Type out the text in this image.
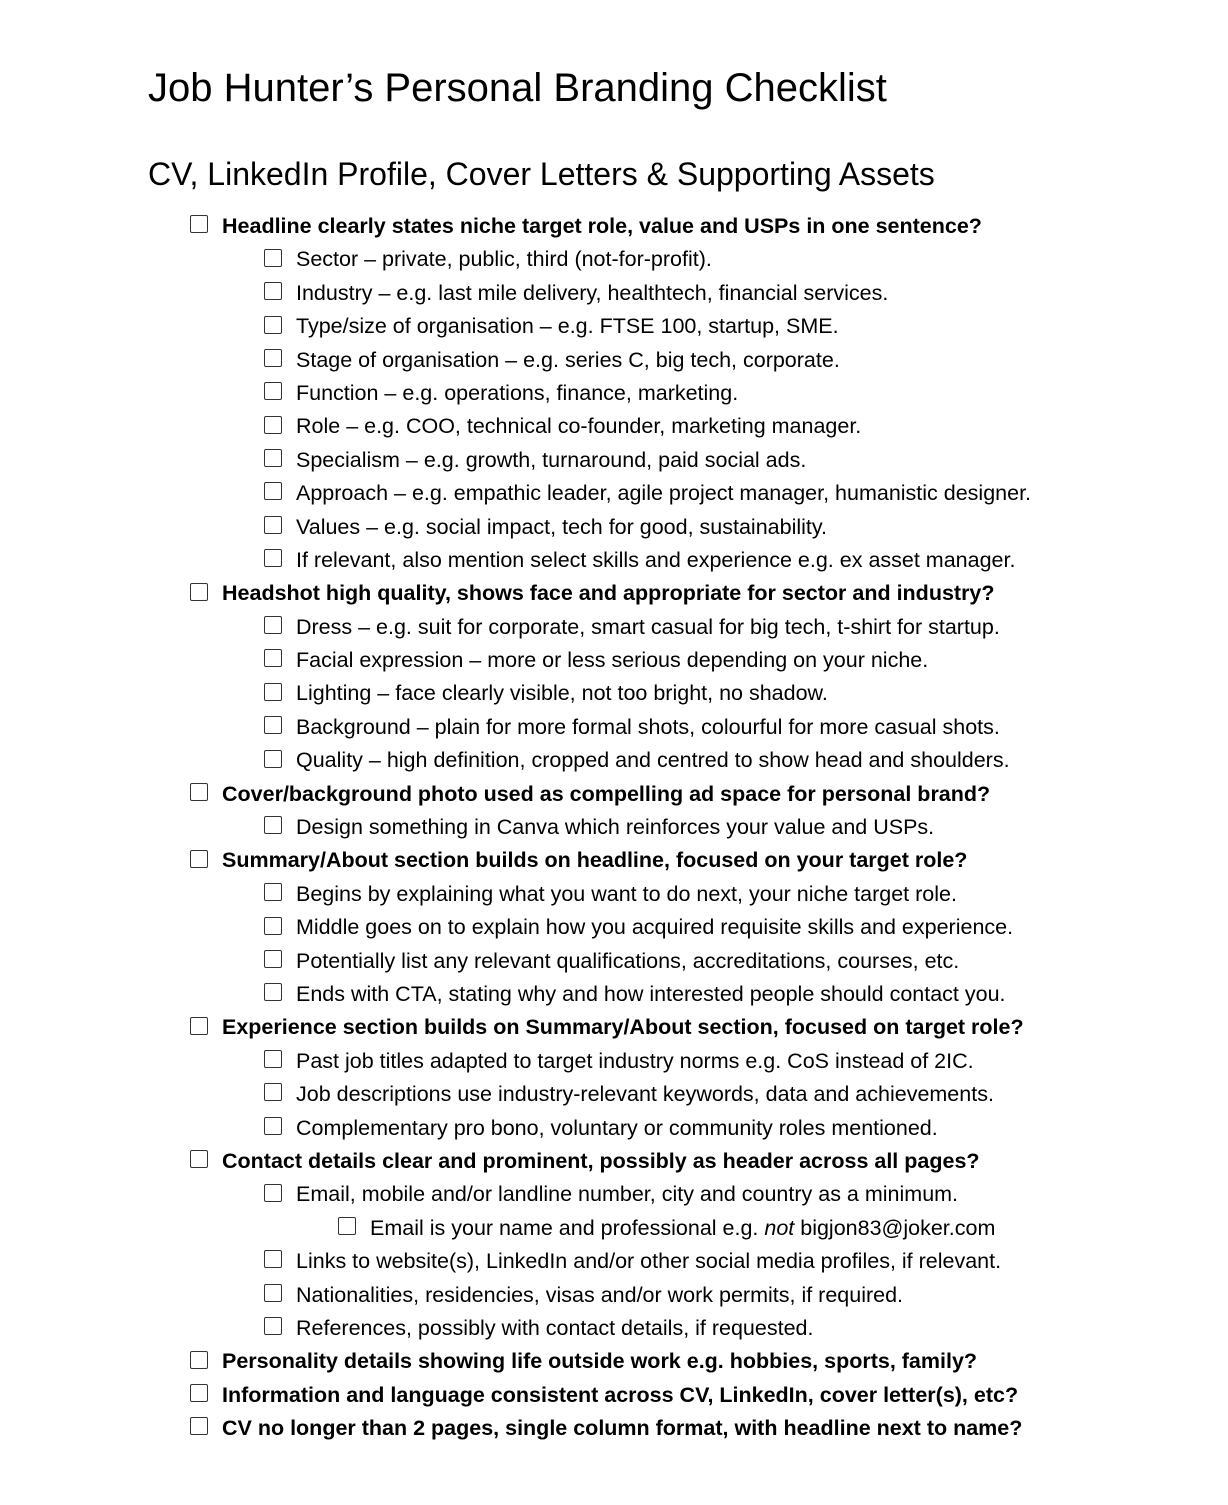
Job Hunter’s Personal Branding Checklist
CV, LinkedIn Profile, Cover Letters & Supporting Assets
Headline clearly states niche target role, value and USPs in one sentence?
Sector – private, public, third (not-for-profit).
Industry – e.g. last mile delivery, healthtech, financial services.
Type/size of organisation – e.g. FTSE 100, startup, SME.
Stage of organisation – e.g. series C, big tech, corporate.
Function – e.g. operations, finance, marketing.
Role – e.g. COO, technical co-founder, marketing manager.
Specialism – e.g. growth, turnaround, paid social ads.
Approach – e.g. empathic leader, agile project manager, humanistic designer.
Values – e.g. social impact, tech for good, sustainability.
If relevant, also mention select skills and experience e.g. ex asset manager.
Headshot high quality, shows face and appropriate for sector and industry?
Dress – e.g. suit for corporate, smart casual for big tech, t-shirt for startup.
Facial expression – more or less serious depending on your niche.
Lighting – face clearly visible, not too bright, no shadow.
Background – plain for more formal shots, colourful for more casual shots.
Quality – high definition, cropped and centred to show head and shoulders.
Cover/background photo used as compelling ad space for personal brand?
Design something in Canva which reinforces your value and USPs.
Summary/About section builds on headline, focused on your target role?
Begins by explaining what you want to do next, your niche target role.
Middle goes on to explain how you acquired requisite skills and experience.
Potentially list any relevant qualifications, accreditations, courses, etc.
Ends with CTA, stating why and how interested people should contact you.
Experience section builds on Summary/About section, focused on target role?
Past job titles adapted to target industry norms e.g. CoS instead of 2IC.
Job descriptions use industry-relevant keywords, data and achievements.
Complementary pro bono, voluntary or community roles mentioned.
Contact details clear and prominent, possibly as header across all pages?
Email, mobile and/or landline number, city and country as a minimum.
Email is your name and professional e.g. not bigjon83@joker.com
Links to website(s), LinkedIn and/or other social media profiles, if relevant.
Nationalities, residencies, visas and/or work permits, if required.
References, possibly with contact details, if requested.
Personality details showing life outside work e.g. hobbies, sports, family?
Information and language consistent across CV, LinkedIn, cover letter(s), etc?
CV no longer than 2 pages, single column format, with headline next to name?
